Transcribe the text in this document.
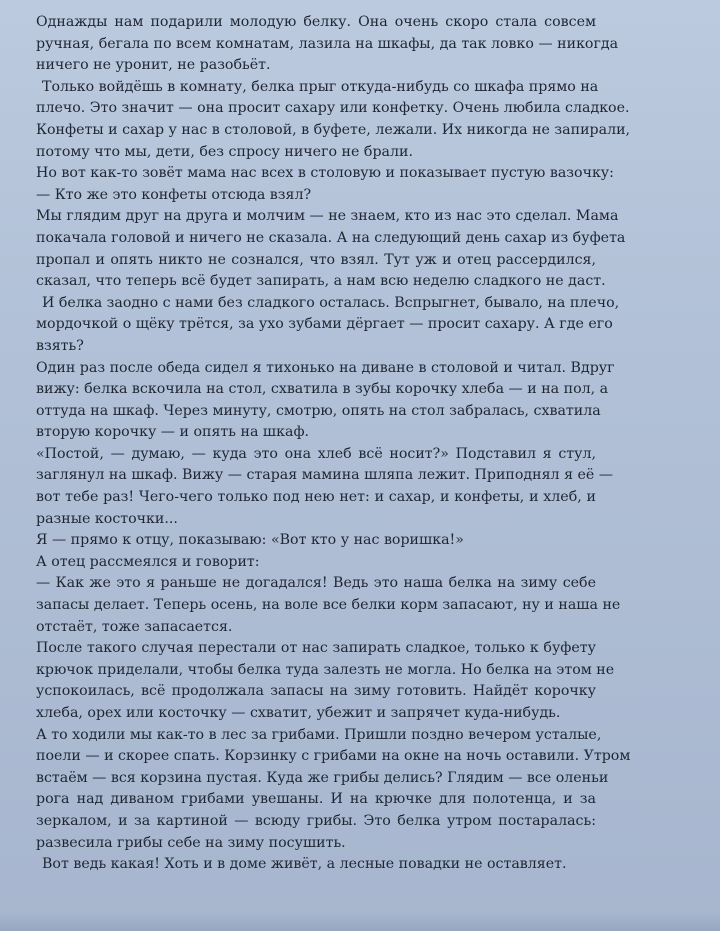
Однажды нам подарили молодую белку. Она очень скоро стала совсем
ручная, бегала по всем комнатам, лазила на шкафы, да так ловко — никогда
ничего не уронит, не разобьёт.
Только войдёшь в комнату, белка прыг откуда-нибудь со шкафа прямо на
плечо. Это значит — она просит сахару или конфетку. Очень любила сладкое.
Конфеты и сахар у нас в столовой, в буфете, лежали. Их никогда не запирали,
потому что мы, дети, без спросу ничего не брали.
Но вот как-то зовёт мама нас всех в столовую и показывает пустую вазочку:
— Кто же это конфеты отсюда взял?
Мы глядим друг на друга и молчим — не знаем, кто из нас это сделал. Мама
покачала головой и ничего не сказала. А на следующий день сахар из буфета
пропал и опять никто не сознался, что взял. Тут уж и отец рассердился,
сказал, что теперь всё будет запирать, а нам всю неделю сладкого не даст.
И белка заодно с нами без сладкого осталась. Вспрыгнет, бывало, на плечо,
мордочкой о щёку трётся, за ухо зубами дёргает — просит сахару. А где его
взять?
Один раз после обеда сидел я тихонько на диване в столовой и читал. Вдруг
вижу: белка вскочила на стол, схватила в зубы корочку хлеба — и на пол, а
оттуда на шкаф. Через минуту, смотрю, опять на стол забралась, схватила
вторую корочку — и опять на шкаф.
«Постой, — думаю, — куда это она хлеб всё носит?» Подставил я стул,
заглянул на шкаф. Вижу — старая мамина шляпа лежит. Приподнял я её —
вот тебе раз! Чего-чего только под нею нет: и сахар, и конфеты, и хлеб, и
разные косточки...
Я — прямо к отцу, показываю: «Вот кто у нас воришка!»
А отец рассмеялся и говорит:
— Как же это я раньше не догадался! Ведь это наша белка на зиму себе
запасы делает. Теперь осень, на воле все белки корм запасают, ну и наша не
отстаёт, тоже запасается.
После такого случая перестали от нас запирать сладкое, только к буфету
крючок приделали, чтобы белка туда залезть не могла. Но белка на этом не
успокоилась, всё продолжала запасы на зиму готовить. Найдёт корочку
хлеба, орех или косточку — схватит, убежит и запрячет куда-нибудь.
А то ходили мы как-то в лес за грибами. Пришли поздно вечером усталые,
поели — и скорее спать. Корзинку с грибами на окне на ночь оставили. Утром
встаём — вся корзина пустая. Куда же грибы делись? Глядим — все оленьи
рога над диваном грибами увешаны. И на крючке для полотенца, и за
зеркалом, и за картиной — всюду грибы. Это белка утром постаралась:
развесила грибы себе на зиму посушить.
Вот ведь какая! Хоть и в доме живёт, а лесные повадки не оставляет.
